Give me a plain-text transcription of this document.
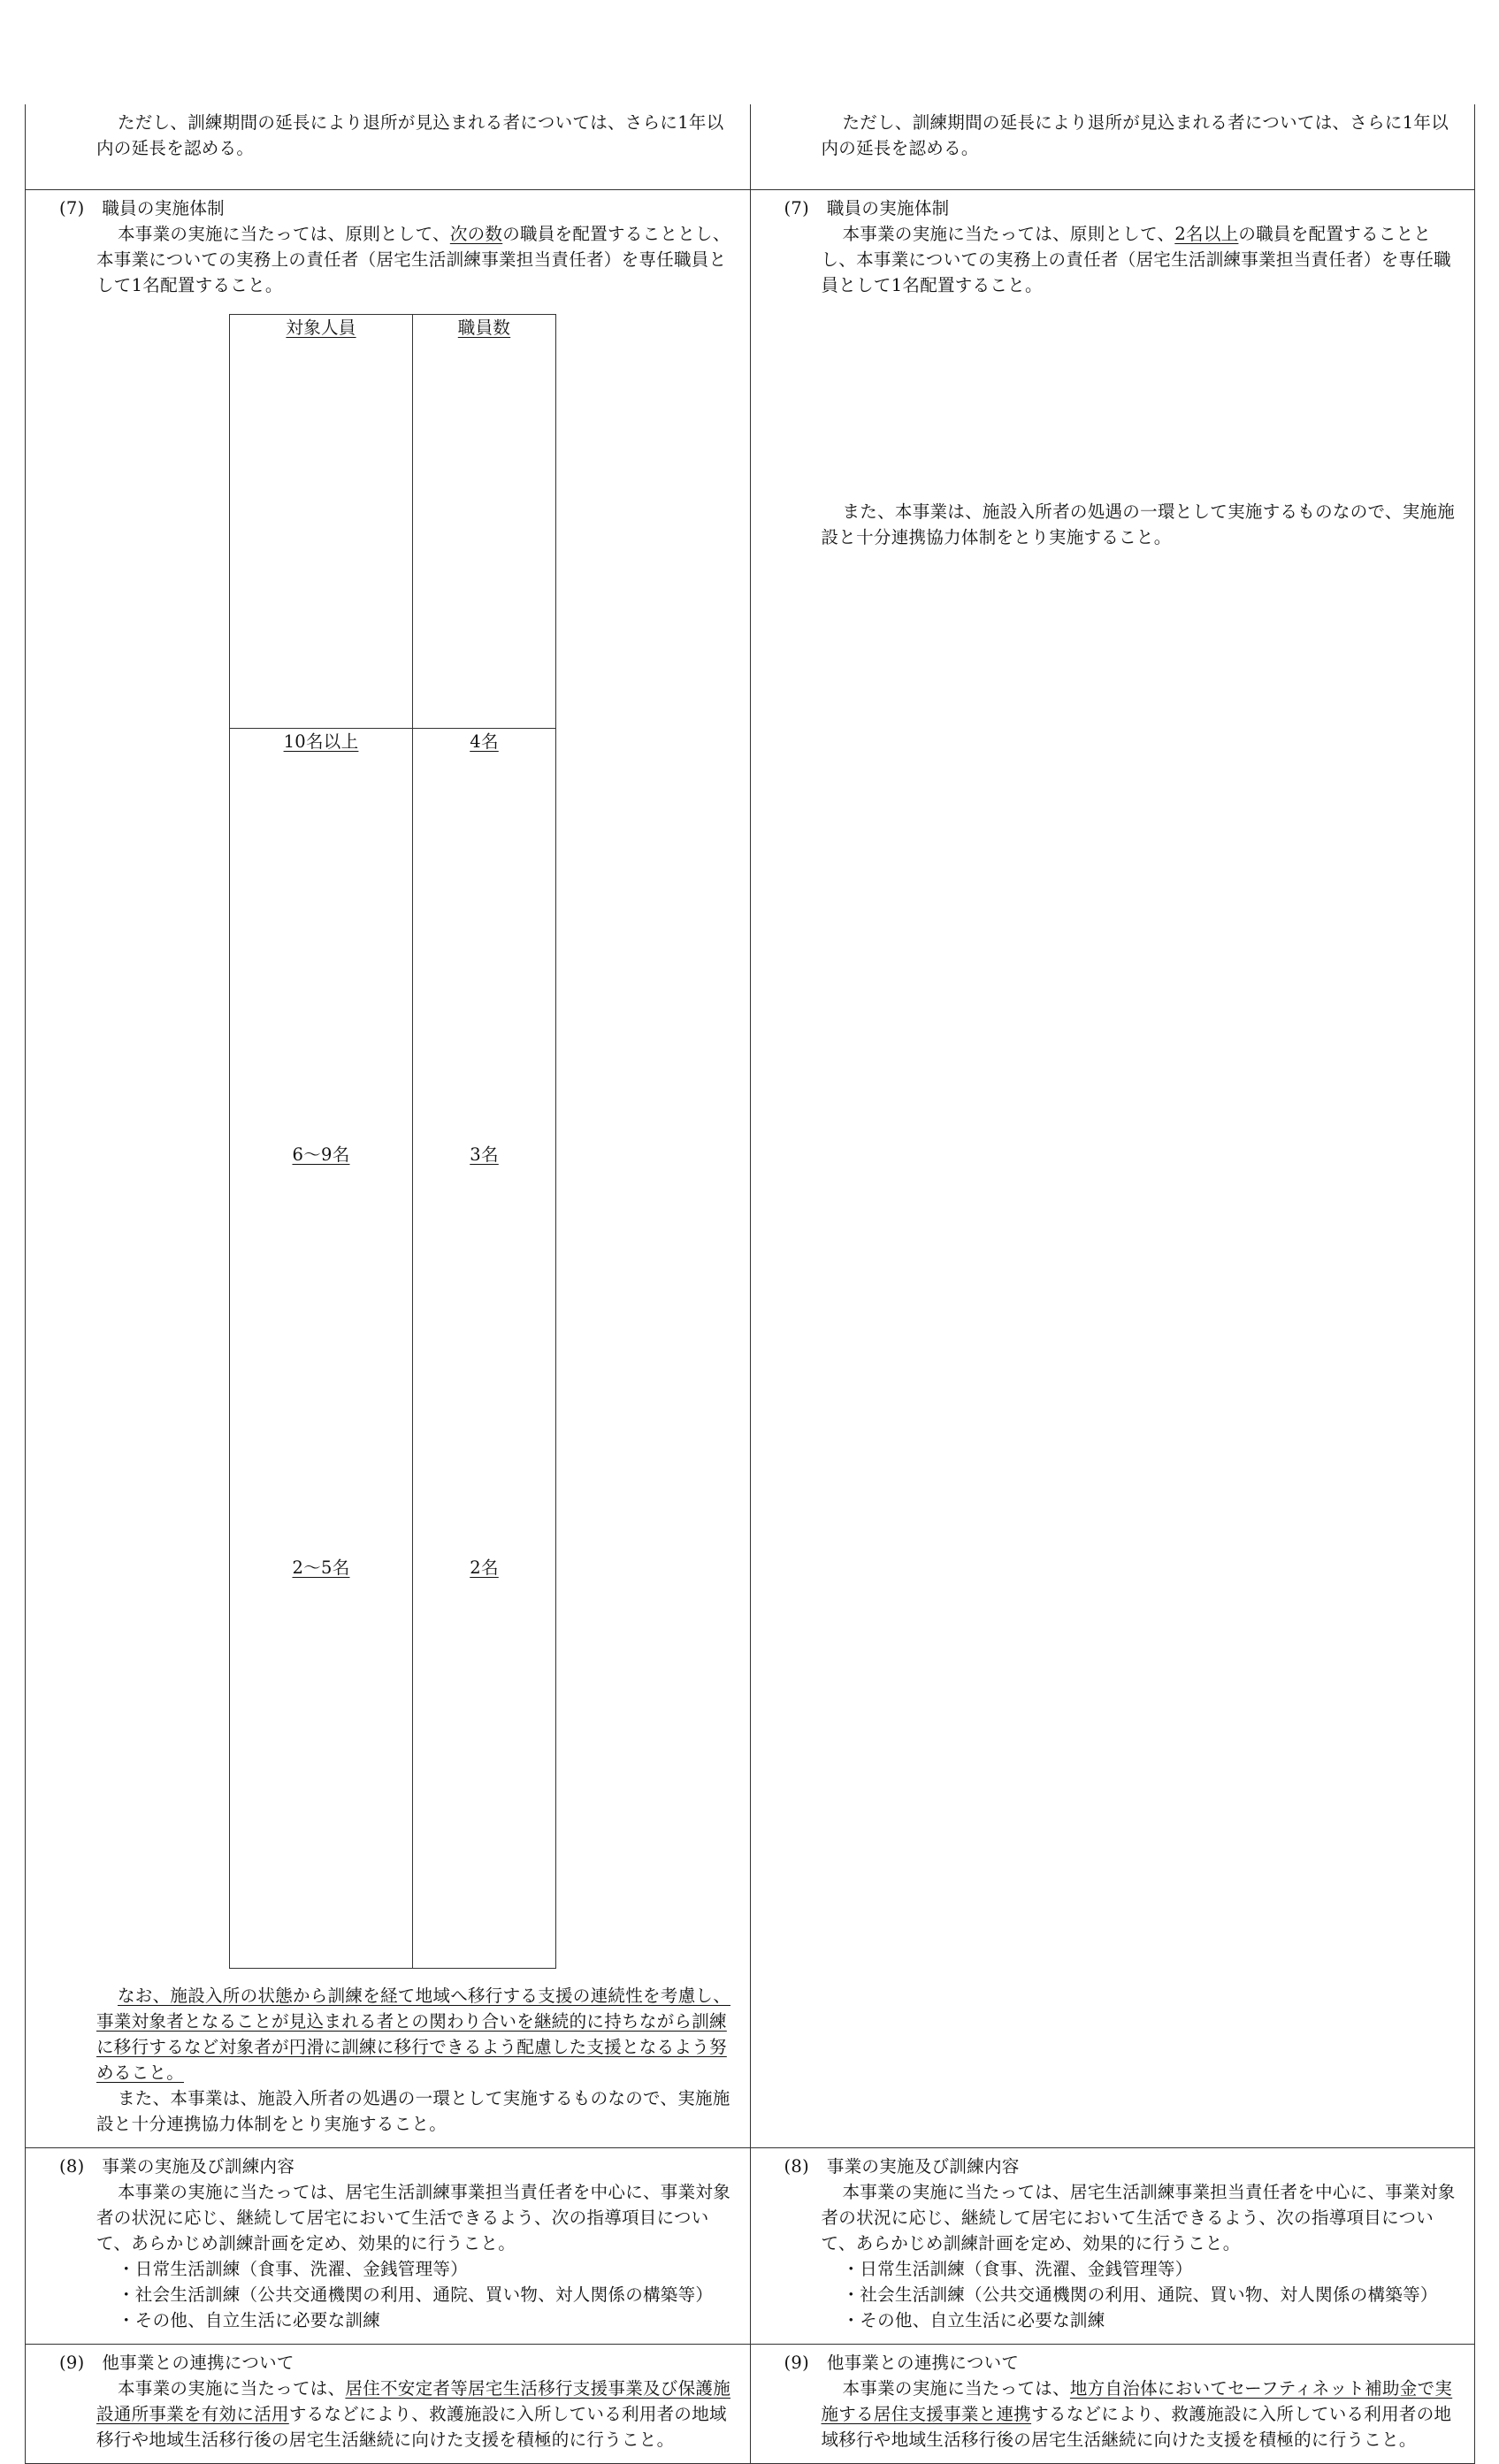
ただし、訓練期間の延長により退所が見込まれる者については、さらに1年以内の延長を認める。

ただし、訓練期間の延長により退所が見込まれる者については、さらに1年以内の延長を認める。

(7)　職員の実施体制

本事業の実施に当たっては、原則として、次の数の職員を配置することとし、本事業についての実務上の責任者（居宅生活訓練事業担当責任者）を専任職員として1名配置すること。

対象人員	職員数
10名以上	4名
6～9名	3名
2～5名	2名

なお、施設入所の状態から訓練を経て地域へ移行する支援の連続性を考慮し、事業対象者となることが見込まれる者との関わり合いを継続的に持ちながら訓練に移行するなど対象者が円滑に訓練に移行できるよう配慮した支援となるよう努めること。

また、本事業は、施設入所者の処遇の一環として実施するものなので、実施施設と十分連携協力体制をとり実施すること。

(7)　職員の実施体制

本事業の実施に当たっては、原則として、2名以上の職員を配置することとし、本事業についての実務上の責任者（居宅生活訓練事業担当責任者）を専任職員として1名配置すること。

また、本事業は、施設入所者の処遇の一環として実施するものなので、実施施設と十分連携協力体制をとり実施すること。

(8)　事業の実施及び訓練内容

本事業の実施に当たっては、居宅生活訓練事業担当責任者を中心に、事業対象者の状況に応じ、継続して居宅において生活できるよう、次の指導項目について、あらかじめ訓練計画を定め、効果的に行うこと。

・日常生活訓練（食事、洗濯、金銭管理等）

・社会生活訓練（公共交通機関の利用、通院、買い物、対人関係の構築等）

・その他、自立生活に必要な訓練

(8)　事業の実施及び訓練内容

本事業の実施に当たっては、居宅生活訓練事業担当責任者を中心に、事業対象者の状況に応じ、継続して居宅において生活できるよう、次の指導項目について、あらかじめ訓練計画を定め、効果的に行うこと。

・日常生活訓練（食事、洗濯、金銭管理等）

・社会生活訓練（公共交通機関の利用、通院、買い物、対人関係の構築等）

・その他、自立生活に必要な訓練

(9)　他事業との連携について

本事業の実施に当たっては、居住不安定者等居宅生活移行支援事業及び保護施設通所事業を有効に活用するなどにより、救護施設に入所している利用者の地域移行や地域生活移行後の居宅生活継続に向けた支援を積極的に行うこと。

(9)　他事業との連携について

本事業の実施に当たっては、地方自治体においてセーフティネット補助金で実施する居住支援事業と連携するなどにより、救護施設に入所している利用者の地域移行や地域生活移行後の居宅生活継続に向けた支援を積極的に行うこと。
